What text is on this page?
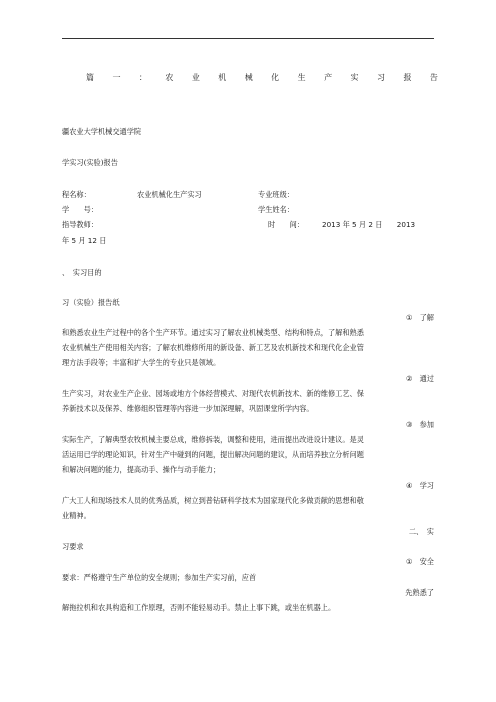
篇 一 ： 农 业 机 械 化 生 产 实 习 报 告
疆农业大学机械交通学院
学实习(实验)报告
程名称：	农业机械化生产实习	专业班级：
学　　号：	学生姓名：
指导教师：	时　　间：	2013 年 5 月 2 日　　2013
年 5 月 12 日
、　实习目的
习（实验）报告纸
①　了解
和熟悉农业生产过程中的各个生产环节。通过实习了解农业机械类型、结构和特点，了解和熟悉
农业机械生产使用相关内容；了解农机维修所用的新设备、新工艺及农机新技术和现代化企业管
理方法手段等；丰富和扩大学生的专业只是领域。
②　通过
生产实习，对农业生产企业、园场或地方个体经营模式、对现代农机新技术、新的维修工艺、保
养新技术以及保养、维修组织管理等内容进一步加深理解，巩固课堂所学内容。
③　参加
实际生产，了解典型农牧机械主要总成，维修拆装，调整和使用，进而提出改进设计建议。是灵
活运用已学的理论知识，针对生产中碰到的问题，提出解决问题的建议，从而培养独立分析问题
和解决问题的能力，提高动手、操作与动手能力；
④　学习
广大工人和现场技术人员的优秀品质，树立到普钻研科学技术为国家现代化多做贡献的思想和敬
业精神。
二、　实
习要求
①　安全
要求：严格遵守生产单位的安全规则；参加生产实习前，应首
先熟悉了
解拖拉机和农具构造和工作原理，否则不能轻易动手。禁止上事下跳，或坐在机器上。
